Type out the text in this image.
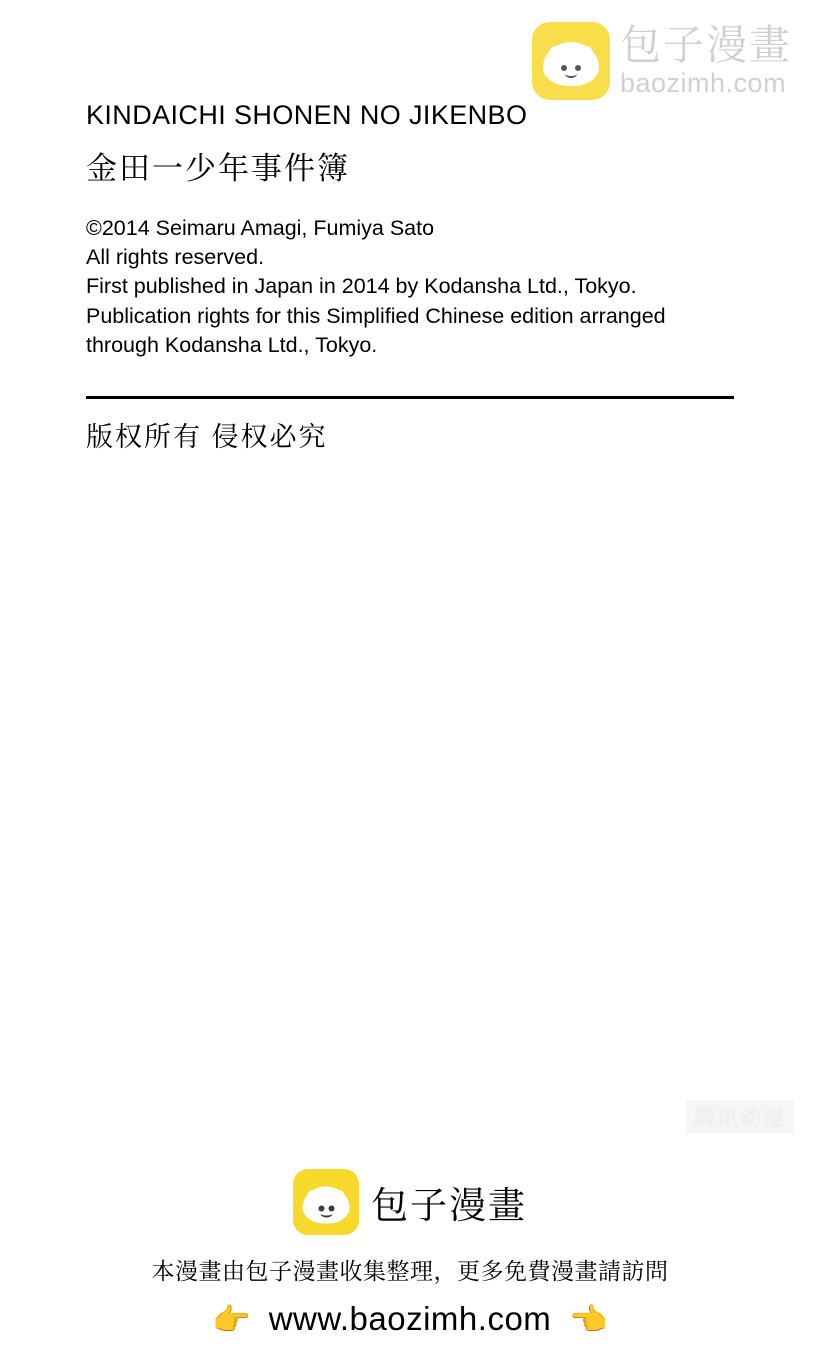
包子漫畫
baozimh.com
KINDAICHI SHONEN NO JIKENBO
金田一少年事件簿
©2014 Seimaru Amagi, Fumiya Sato
All rights reserved.
First published in Japan in 2014 by Kodansha Ltd., Tokyo.
Publication rights for this Simplified Chinese edition arranged
through Kodansha Ltd., Tokyo.
版权所有 侵权必究
腾讯动漫
包子漫畫
本漫畫由包子漫畫收集整理，更多免費漫畫請訪問
👉 www.baozimh.com 👈
